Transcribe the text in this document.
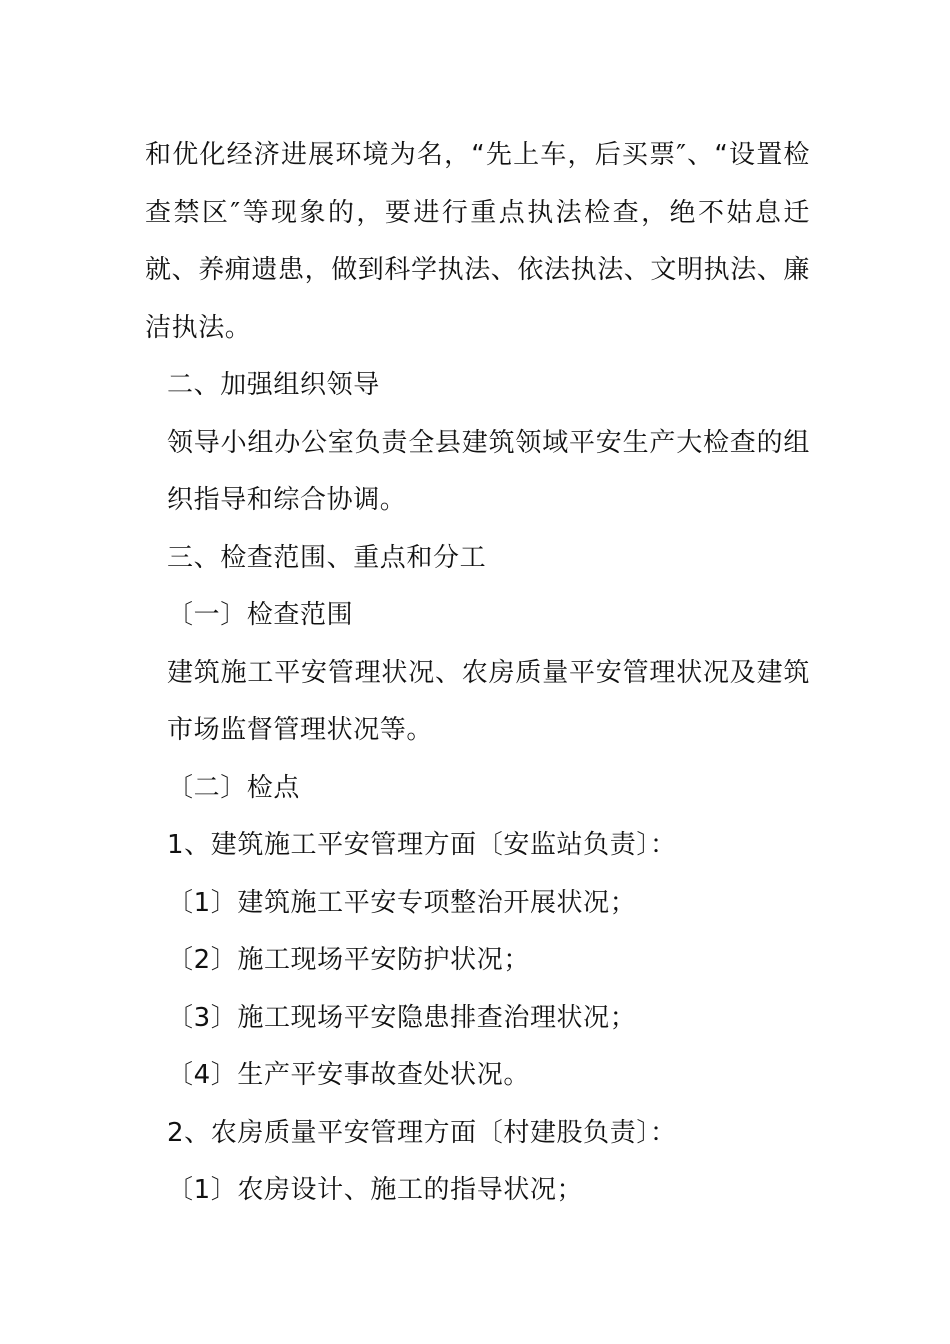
和优化经济进展环境为名，“先上车，后买票″、“设置检查禁区″等现象的，要进行重点执法检查，绝不姑息迁就、养痈遗患，做到科学执法、依法执法、文明执法、廉洁执法。

二、加强组织领导

领导小组办公室负责全县建筑领域平安生产大检查的组织指导和综合协调。

三、检查范围、重点和分工

〔一〕检查范围

建筑施工平安管理状况、农房质量平安管理状况及建筑市场监督管理状况等。

〔二〕检点

1、建筑施工平安管理方面〔安监站负责〕：

〔1〕建筑施工平安专项整治开展状况；

〔2〕施工现场平安防护状况；

〔3〕施工现场平安隐患排查治理状况；

〔4〕生产平安事故查处状况。

2、农房质量平安管理方面〔村建股负责〕：

〔1〕农房设计、施工的指导状况；
